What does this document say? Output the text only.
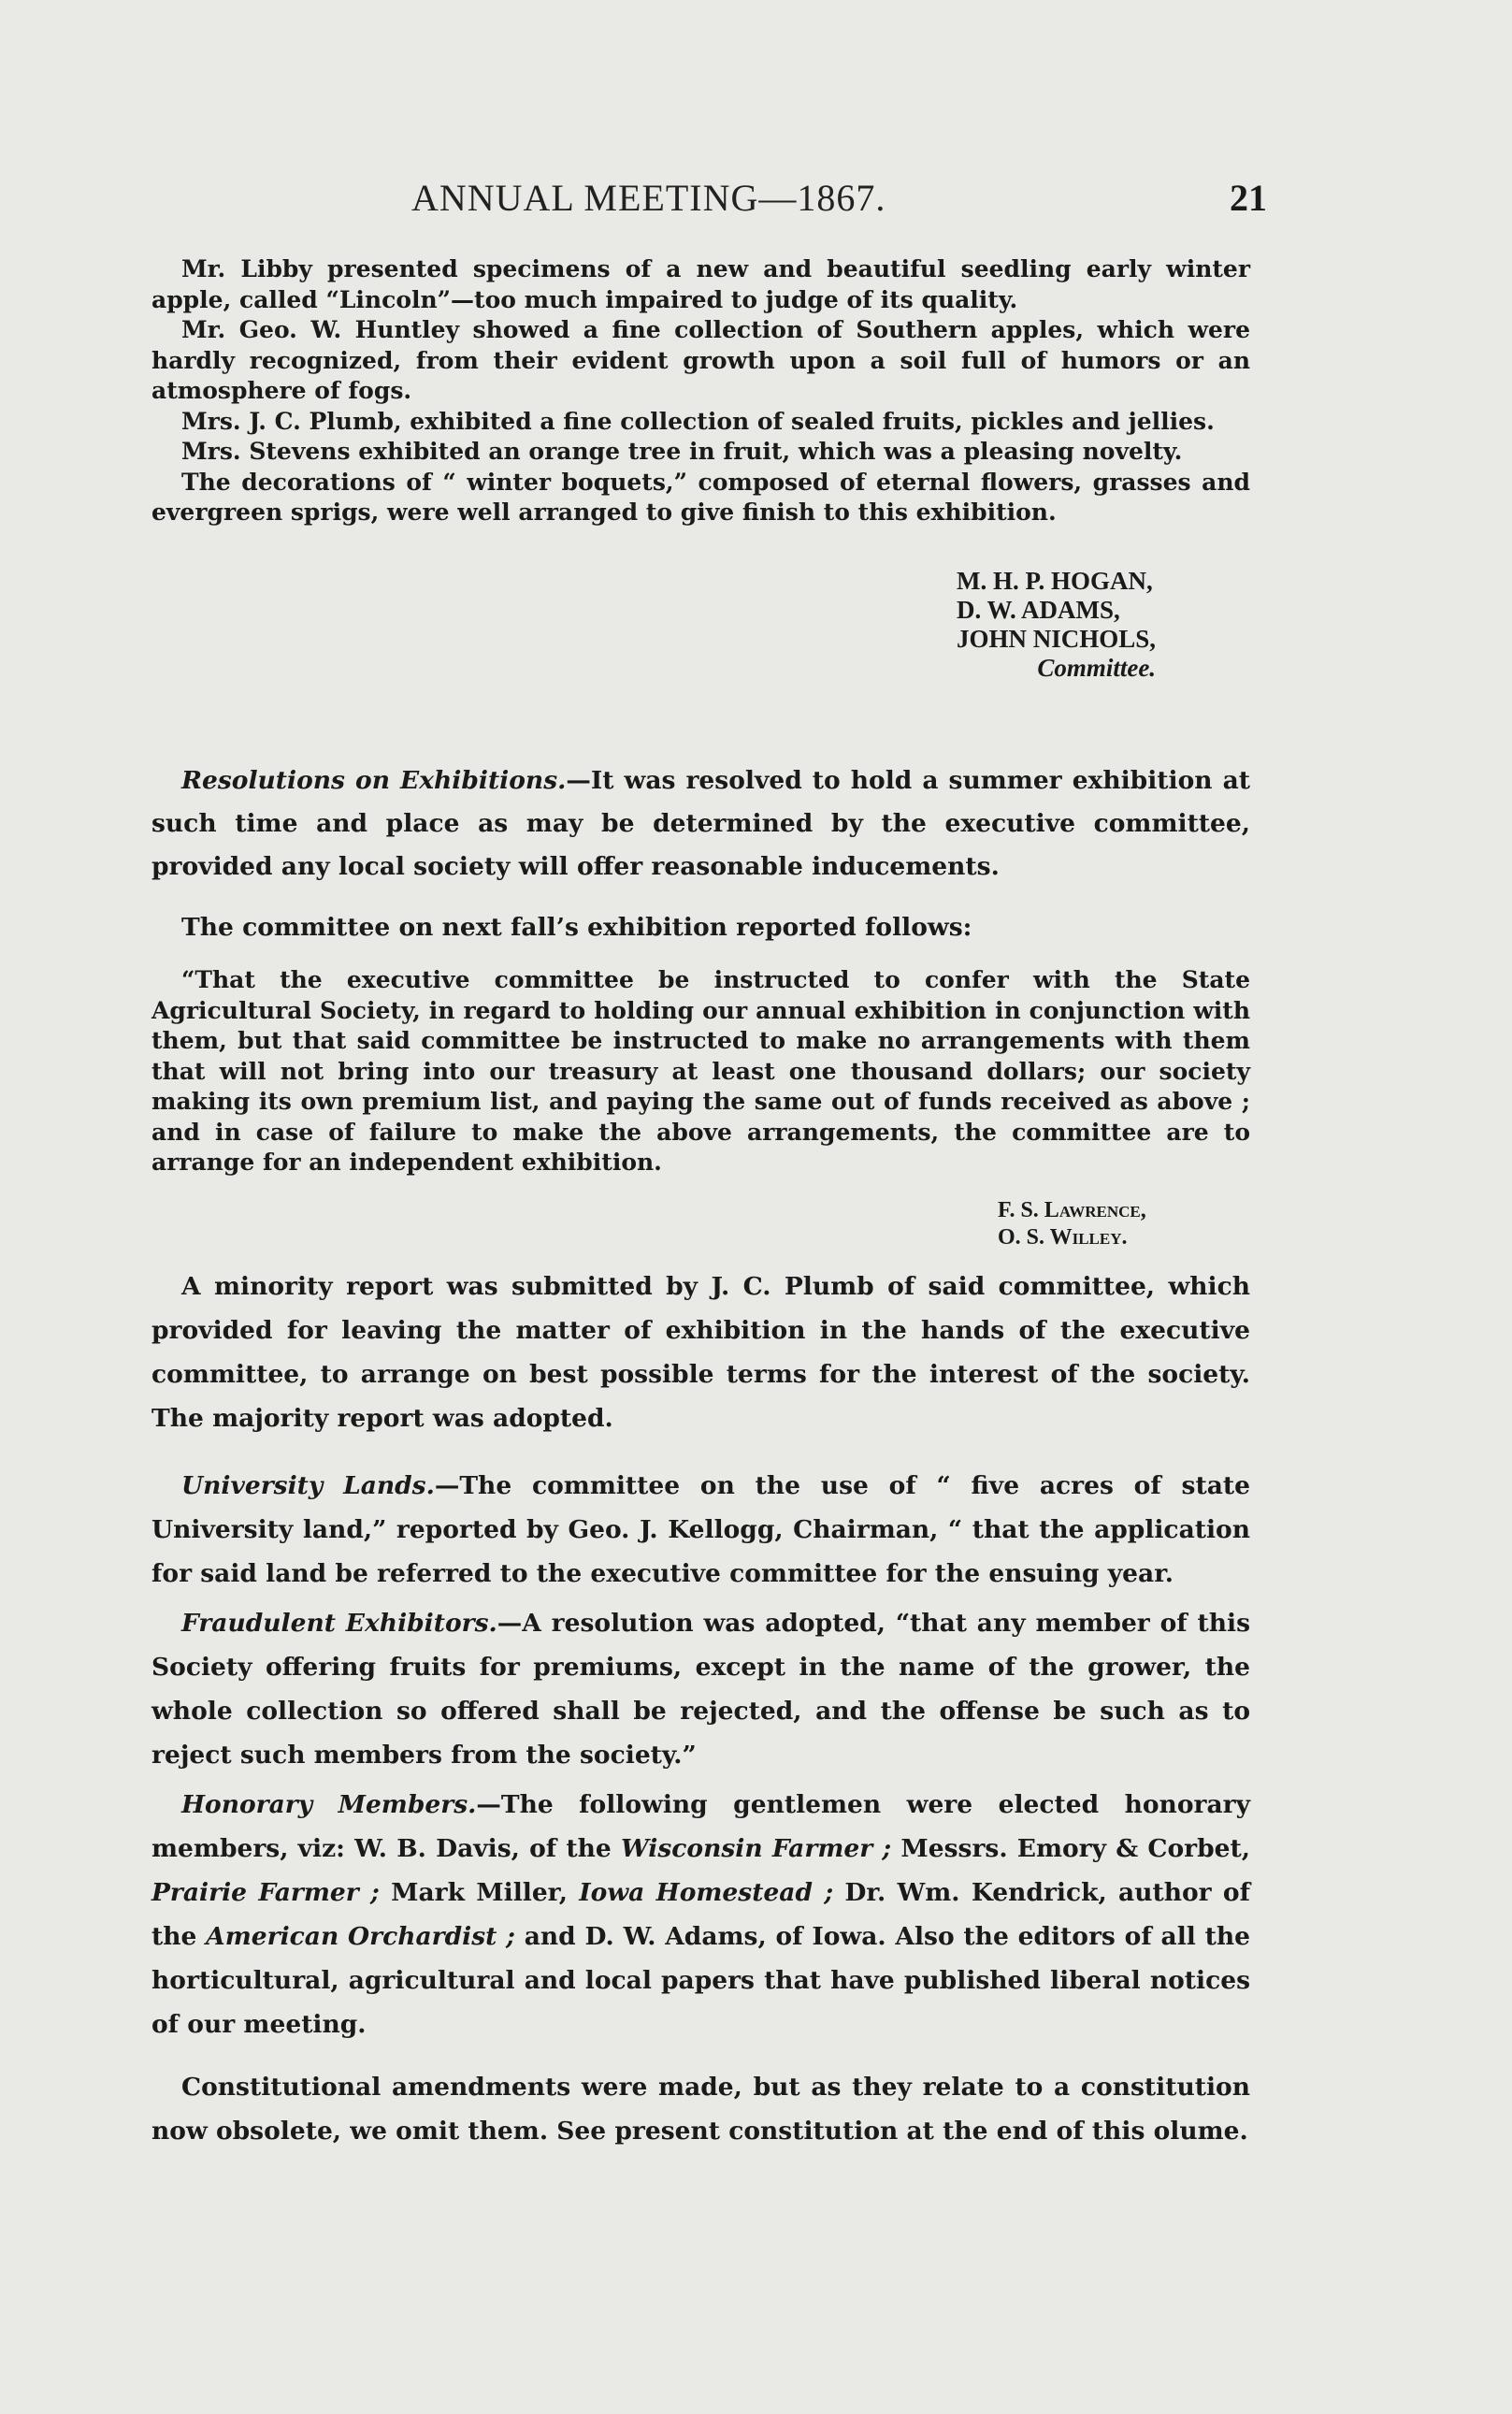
ANNUAL MEETING—1867.	21

Mr. Libby presented specimens of a new and beautiful seedling early winter apple, called “Lincoln”—too much impaired to judge of its quality.

Mr. Geo. W. Huntley showed a fine collection of Southern apples, which were hardly recognized, from their evident growth upon a soil full of humors or an atmosphere of fogs.

Mrs. J. C. Plumb, exhibited a fine collection of sealed fruits, pickles and jellies.

Mrs. Stevens exhibited an orange tree in fruit, which was a pleasing novelty.

The decorations of “ winter boquets,” composed of eternal flowers, grasses and evergreen sprigs, were well arranged to give finish to this exhibition.

M. H. P. HOGAN,
D. W. ADAMS,
JOHN NICHOLS,
Committee.

Resolutions on Exhibitions.—It was resolved to hold a summer exhibition at such time and place as may be determined by the executive committee, provided any local society will offer reasonable inducements.

The committee on next fall’s exhibition reported follows:

“That the executive committee be instructed to confer with the State Agricultural Society, in regard to holding our annual exhibition in conjunction with them, but that said committee be instructed to make no arrangements with them that will not bring into our treasury at least one thousand dollars; our society making its own premium list, and paying the same out of funds received as above ; and in case of failure to make the above arrangements, the committee are to arrange for an independent exhibition.

F. S. Lawrence,
O. S. Willey.

A minority report was submitted by J. C. Plumb of said committee, which provided for leaving the matter of exhibition in the hands of the executive committee, to arrange on best possible terms for the interest of the society. The majority report was adopted.

University Lands.—The committee on the use of “ five acres of state University land,” reported by Geo. J. Kellogg, Chairman, “ that the application for said land be referred to the executive committee for the ensuing year.

Fraudulent Exhibitors.—A resolution was adopted, “that any member of this Society offering fruits for premiums, except in the name of the grower, the whole collection so offered shall be rejected, and the offense be such as to reject such members from the society.”

Honorary Members.—The following gentlemen were elected honorary members, viz: W. B. Davis, of the Wisconsin Farmer ; Messrs. Emory & Corbet, Prairie Farmer ; Mark Miller, Iowa Homestead ; Dr. Wm. Kendrick, author of the American Orchardist ; and D. W. Adams, of Iowa. Also the editors of all the horticultural, agricultural and local papers that have published liberal notices of our meeting.

Constitutional amendments were made, but as they relate to a constitution now obsolete, we omit them. See present constitution at the end of this olume.
